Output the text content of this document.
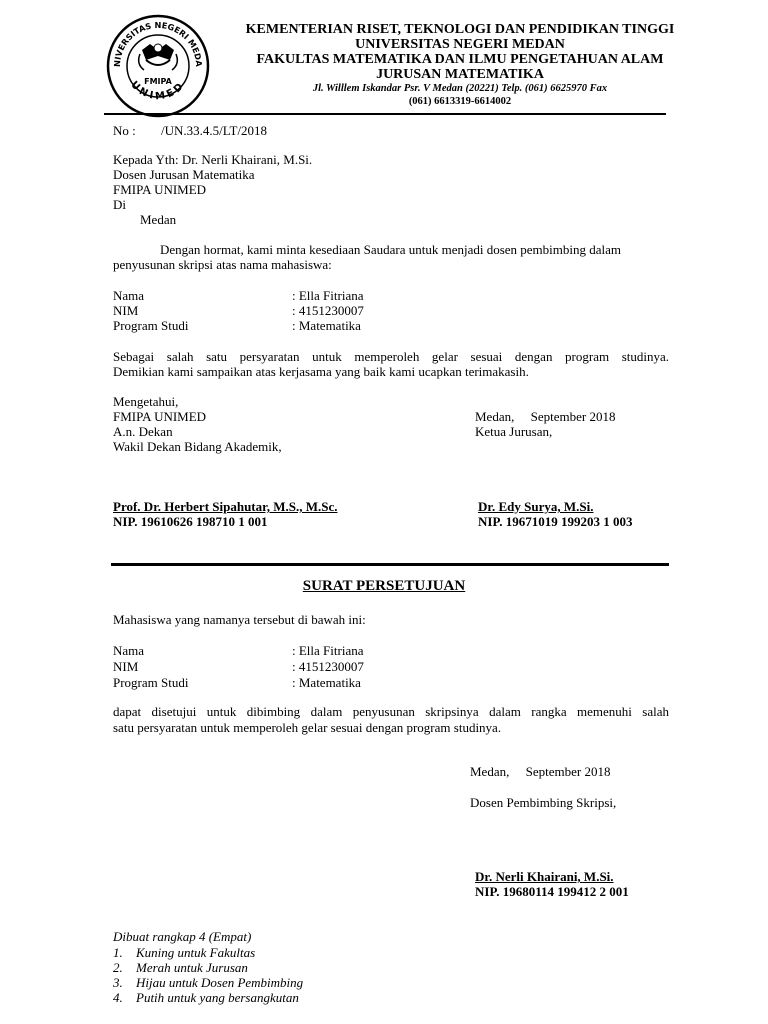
NIVERSITAS NEGERI MEDA
UNIMED
FMIPA
KEMENTERIAN RISET, TEKNOLOGI DAN PENDIDIKAN TINGGI
UNIVERSITAS NEGERI MEDAN
FAKULTAS MATEMATIKA DAN ILMU PENGETAHUAN ALAM
JURUSAN MATEMATIKA
Jl. Willlem Iskandar Psr. V Medan (20221) Telp. (061) 6625970 Fax
(061) 6613319-6614002
No : /UN.33.4.5/LT/2018
Kepada Yth: Dr. Nerli Khairani, M.Si.
Dosen Jurusan Matematika
FMIPA UNIMED
Di
Medan
Dengan hormat, kami minta kesediaan Saudara untuk menjadi dosen pembimbing dalam
penyusunan skripsi atas nama mahasiswa:
Nama	: Ella Fitriana
NIM	: 4151230007
Program Studi	: Matematika
Sebagai salah satu persyaratan untuk memperoleh gelar sesuai dengan program studinya.
Demikian kami sampaikan atas kerjasama yang baik kami ucapkan terimakasih.
Mengetahui,
FMIPA UNIMED
A.n. Dekan
Wakil Dekan Bidang Akademik,
Medan,     September 2018
Ketua Jurusan,
Prof. Dr. Herbert Sipahutar, M.S., M.Sc.
NIP. 19610626 198710 1 001
Dr. Edy Surya, M.Si.
NIP. 19671019 199203 1 003
SURAT PERSETUJUAN
Mahasiswa yang namanya tersebut di bawah ini:
Nama	: Ella Fitriana
NIM	: 4151230007
Program Studi	: Matematika
dapat disetujui untuk dibimbing dalam penyusunan skripsinya dalam rangka memenuhi salah
satu persyaratan untuk memperoleh gelar sesuai dengan program studinya.
Medan,     September 2018
Dosen Pembimbing Skripsi,
Dr. Nerli Khairani, M.Si.
NIP. 19680114 199412 2 001
Dibuat rangkap 4 (Empat)
1. Kuning untuk Fakultas
2. Merah untuk Jurusan
3. Hijau untuk Dosen Pembimbing
4. Putih untuk yang bersangkutan
